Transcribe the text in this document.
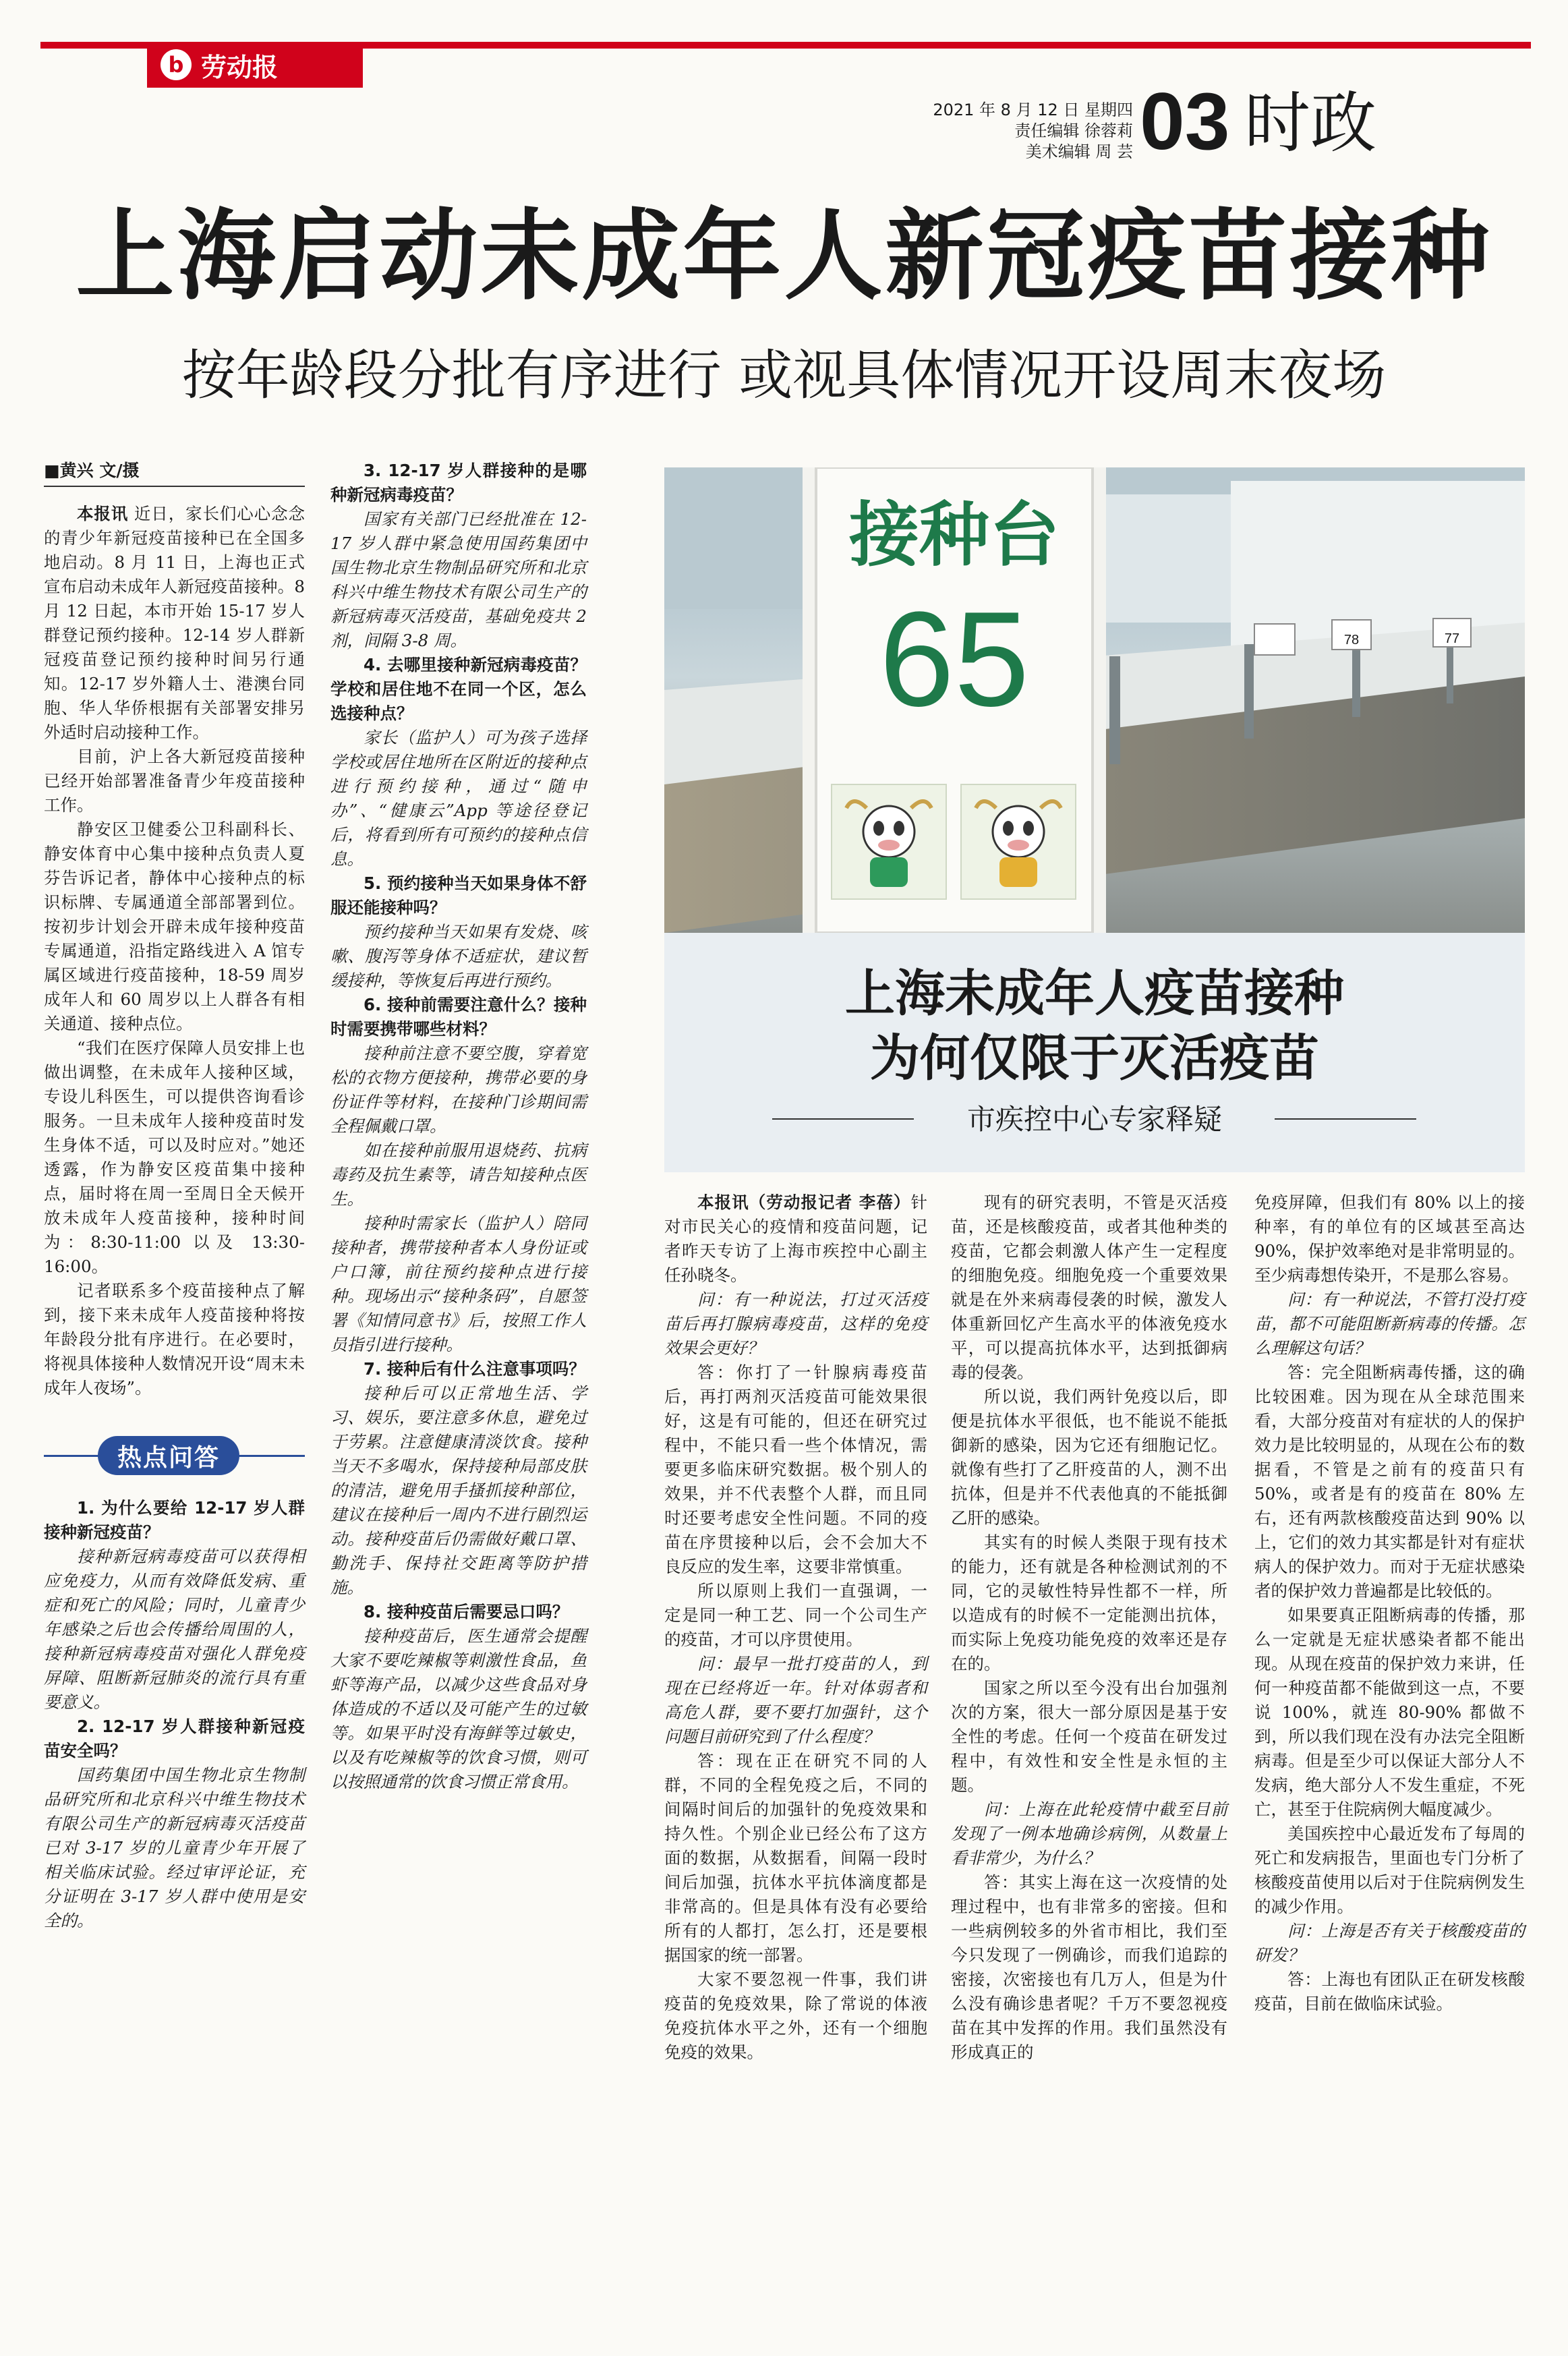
b 劳动报
2021 年 8 月 12 日 星期四
责任编辑 徐蓉莉
美术编辑 周 芸 03 时政
上海启动未成年人新冠疫苗接种
按年龄段分批有序进行 或视具体情况开设周末夜场
■黄兴 文/摄

本报讯 近日，家长们心心念念的青少年新冠疫苗接种已在全国多地启动。8 月 11 日，上海也正式宣布启动未成年人新冠疫苗接种。8 月 12 日起，本市开始 15-17 岁人群登记预约接种。12-14 岁人群新冠疫苗登记预约接种时间另行通知。12-17 岁外籍人士、港澳台同胞、华人华侨根据有关部署安排另外适时启动接种工作。

目前，沪上各大新冠疫苗接种已经开始部署准备青少年疫苗接种工作。

静安区卫健委公卫科副科长、静安体育中心集中接种点负责人夏芬告诉记者，静体中心接种点的标识标牌、专属通道全部部署到位。按初步计划会开辟未成年接种疫苗专属通道，沿指定路线进入 A 馆专属区域进行疫苗接种，18-59 周岁成年人和 60 周岁以上人群各有相关通道、接种点位。

“我们在医疗保障人员安排上也做出调整，在未成年人接种区域，专设儿科医生，可以提供咨询看诊服务。一旦未成年人接种疫苗时发生身体不适，可以及时应对。”她还透露，作为静安区疫苗集中接种点，届时将在周一至周日全天候开放未成年人疫苗接种，接种时间为：8:30-11:00 以及 13:30-16:00。

记者联系多个疫苗接种点了解到，接下来未成年人疫苗接种将按年龄段分批有序进行。在必要时，将视具体接种人数情况开设“周末未成年人夜场”。

热点问答

1. 为什么要给 12-17 岁人群接种新冠疫苗？

接种新冠病毒疫苗可以获得相应免疫力，从而有效降低发病、重症和死亡的风险；同时，儿童青少年感染之后也会传播给周围的人，接种新冠病毒疫苗对强化人群免疫屏障、阻断新冠肺炎的流行具有重要意义。

2. 12-17 岁人群接种新冠疫苗安全吗？

国药集团中国生物北京生物制品研究所和北京科兴中维生物技术有限公司生产的新冠病毒灭活疫苗已对 3-17 岁的儿童青少年开展了相关临床试验。经过审评论证，充分证明在 3-17 岁人群中使用是安全的。

3. 12-17 岁人群接种的是哪种新冠病毒疫苗？

国家有关部门已经批准在 12-17 岁人群中紧急使用国药集团中国生物北京生物制品研究所和北京科兴中维生物技术有限公司生产的新冠病毒灭活疫苗，基础免疫共 2 剂，间隔 3-8 周。

4. 去哪里接种新冠病毒疫苗？学校和居住地不在同一个区，怎么选接种点？

家长（监护人）可为孩子选择学校或居住地所在区附近的接种点进行预约接种，通过“随申办”、“健康云”App 等途径登记后，将看到所有可预约的接种点信息。

5. 预约接种当天如果身体不舒服还能接种吗？

预约接种当天如果有发烧、咳嗽、腹泻等身体不适症状，建议暂缓接种，等恢复后再进行预约。

6. 接种前需要注意什么？接种时需要携带哪些材料？

接种前注意不要空腹，穿着宽松的衣物方便接种，携带必要的身份证件等材料，在接种门诊期间需全程佩戴口罩。

如在接种前服用退烧药、抗病毒药及抗生素等，请告知接种点医生。

接种时需家长（监护人）陪同接种者，携带接种者本人身份证或户口簿，前往预约接种点进行接种。现场出示“接种条码”，自愿签署《知情同意书》后，按照工作人员指引进行接种。

7. 接种后有什么注意事项吗？

接种后可以正常地生活、学习、娱乐，要注意多休息，避免过于劳累。注意健康清淡饮食。接种当天不多喝水，保持接种局部皮肤的清洁，避免用手搔抓接种部位，建议在接种后一周内不进行剧烈运动。接种疫苗后仍需做好戴口罩、勤洗手、保持社交距离等防护措施。

8. 接种疫苗后需要忌口吗？

接种疫苗后，医生通常会提醒大家不要吃辣椒等刺激性食品，鱼虾等海产品，以减少这些食品对身体造成的不适以及可能产生的过敏等。如果平时没有海鲜等过敏史，以及有吃辣椒等的饮食习惯，则可以按照通常的饮食习惯正常食用。

接种台
65	78	77
上海未成年人疫苗接种
为何仅限于灭活疫苗
市疾控中心专家释疑

本报讯（劳动报记者 李蓓）针对市民关心的疫情和疫苗问题，记者昨天专访了上海市疾控中心副主任孙晓冬。

问：有一种说法，打过灭活疫苗后再打腺病毒疫苗，这样的免疫效果会更好？

答：你打了一针腺病毒疫苗后，再打两剂灭活疫苗可能效果很好，这是有可能的，但还在研究过程中，不能只看一些个体情况，需要更多临床研究数据。极个别人的效果，并不代表整个人群，而且同时还要考虑安全性问题。不同的疫苗在序贯接种以后，会不会加大不良反应的发生率，这要非常慎重。

所以原则上我们一直强调，一定是同一种工艺、同一个公司生产的疫苗，才可以序贯使用。

问：最早一批打疫苗的人，到现在已经将近一年。针对体弱者和高危人群，要不要打加强针，这个问题目前研究到了什么程度？

答：现在正在研究不同的人群，不同的全程免疫之后，不同的间隔时间后的加强针的免疫效果和持久性。个别企业已经公布了这方面的数据，从数据看，间隔一段时间后加强，抗体水平抗体滴度都是非常高的。但是具体有没有必要给所有的人都打，怎么打，还是要根据国家的统一部署。

大家不要忽视一件事，我们讲疫苗的免疫效果，除了常说的体液免疫抗体水平之外，还有一个细胞免疫的效果。

现有的研究表明，不管是灭活疫苗，还是核酸疫苗，或者其他种类的疫苗，它都会刺激人体产生一定程度的细胞免疫。细胞免疫一个重要效果就是在外来病毒侵袭的时候，激发人体重新回忆产生高水平的体液免疫水平，可以提高抗体水平，达到抵御病毒的侵袭。

所以说，我们两针免疫以后，即便是抗体水平很低，也不能说不能抵御新的感染，因为它还有细胞记忆。就像有些打了乙肝疫苗的人，测不出抗体，但是并不代表他真的不能抵御乙肝的感染。

其实有的时候人类限于现有技术的能力，还有就是各种检测试剂的不同，它的灵敏性特异性都不一样，所以造成有的时候不一定能测出抗体，而实际上免疫功能免疫的效率还是存在的。

国家之所以至今没有出台加强剂次的方案，很大一部分原因是基于安全性的考虑。任何一个疫苗在研发过程中，有效性和安全性是永恒的主题。

问：上海在此轮疫情中截至目前发现了一例本地确诊病例，从数量上看非常少，为什么？

答：其实上海在这一次疫情的处理过程中，也有非常多的密接。但和一些病例较多的外省市相比，我们至今只发现了一例确诊，而我们追踪的密接，次密接也有几万人，但是为什么没有确诊患者呢？千万不要忽视疫苗在其中发挥的作用。我们虽然没有形成真正的

免疫屏障，但我们有 80% 以上的接种率，有的单位有的区域甚至高达 90%，保护效率绝对是非常明显的。至少病毒想传染开，不是那么容易。

问：有一种说法，不管打没打疫苗，都不可能阻断新病毒的传播。怎么理解这句话？

答：完全阻断病毒传播，这的确比较困难。因为现在从全球范围来看，大部分疫苗对有症状的人的保护效力是比较明显的，从现在公布的数据看，不管是之前有的疫苗只有 50%，或者是有的疫苗在 80% 左右，还有两款核酸疫苗达到 90% 以上，它们的效力其实都是针对有症状病人的保护效力。而对于无症状感染者的保护效力普遍都是比较低的。

如果要真正阻断病毒的传播，那么一定就是无症状感染者都不能出现。从现在疫苗的保护效力来讲，任何一种疫苗都不能做到这一点，不要说 100%，就连 80-90% 都做不到，所以我们现在没有办法完全阻断病毒。但是至少可以保证大部分人不发病，绝大部分人不发生重症，不死亡，甚至于住院病例大幅度减少。

美国疾控中心最近发布了每周的死亡和发病报告，里面也专门分析了核酸疫苗使用以后对于住院病例发生的减少作用。

问：上海是否有关于核酸疫苗的研发？

答：上海也有团队正在研发核酸疫苗，目前在做临床试验。
